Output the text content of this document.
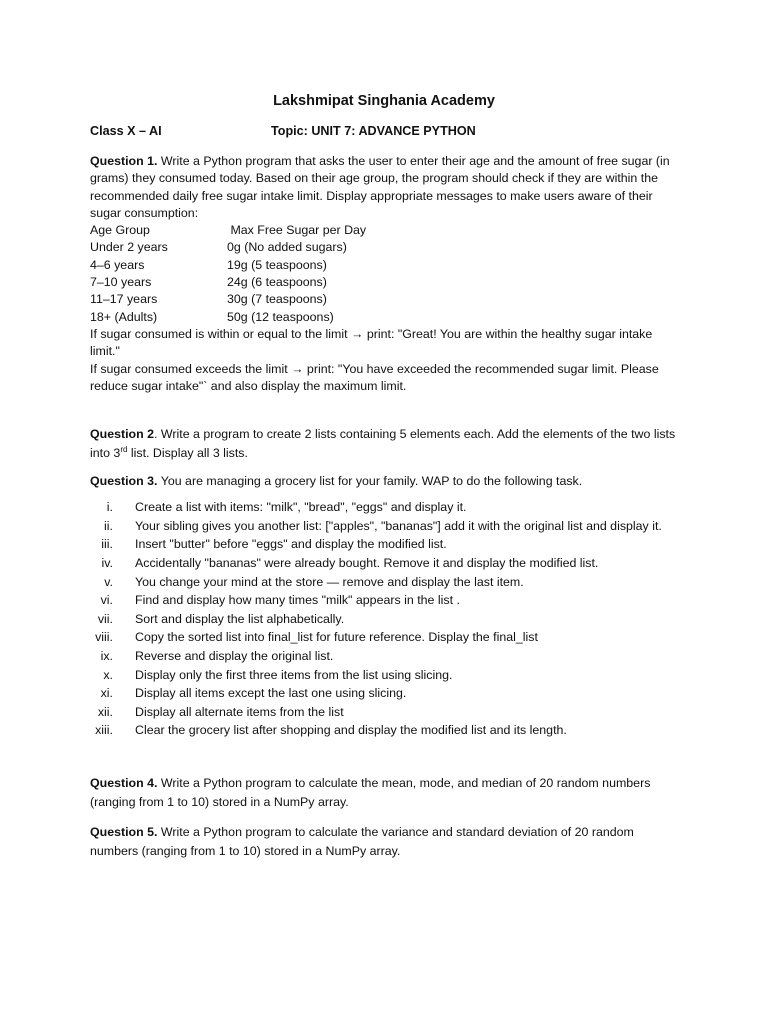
Lakshmipat Singhania Academy
Class X – AI	Topic: UNIT 7: ADVANCE PYTHON

Question 1. Write a Python program that asks the user to enter their age and the amount of free sugar (in grams) they consumed today. Based on their age group, the program should check if they are within the recommended daily free sugar intake limit. Display appropriate messages to make users aware of their sugar consumption:

Age Group	Max Free Sugar per Day
Under 2 years	0g (No added sugars)
4–6 years	19g (5 teaspoons)
7–10 years	24g (6 teaspoons)
11–17 years	30g (7 teaspoons)
18+ (Adults)	50g (12 teaspoons)

If sugar consumed is within or equal to the limit → print: "Great! You are within the healthy sugar intake limit."

If sugar consumed exceeds the limit → print: "You have exceeded the recommended sugar limit. Please reduce sugar intake"` and also display the maximum limit.

Question 2. Write a program to create 2 lists containing 5 elements each. Add the elements of the two lists into 3rd list. Display all 3 lists.

Question 3. You are managing a grocery list for your family. WAP to do the following task.

i. Create a list with items: "milk", "bread", "eggs" and display it.
ii. Your sibling gives you another list: ["apples", "bananas"] add it with the original list and display it.
iii. Insert "butter" before "eggs" and display the modified list.
iv. Accidentally "bananas" were already bought. Remove it and display the modified list.
v. You change your mind at the store — remove and display the last item.
vi. Find and display how many times "milk" appears in the list .
vii. Sort and display the list alphabetically.
viii. Copy the sorted list into final_list for future reference. Display the final_list
ix. Reverse and display the original list.
x. Display only the first three items from the list using slicing.
xi. Display all items except the last one using slicing.
xii. Display all alternate items from the list
xiii. Clear the grocery list after shopping and display the modified list and its length.

Question 4. Write a Python program to calculate the mean, mode, and median of 20 random numbers (ranging from 1 to 10) stored in a NumPy array.

Question 5. Write a Python program to calculate the variance and standard deviation of 20 random numbers (ranging from 1 to 10) stored in a NumPy array.
